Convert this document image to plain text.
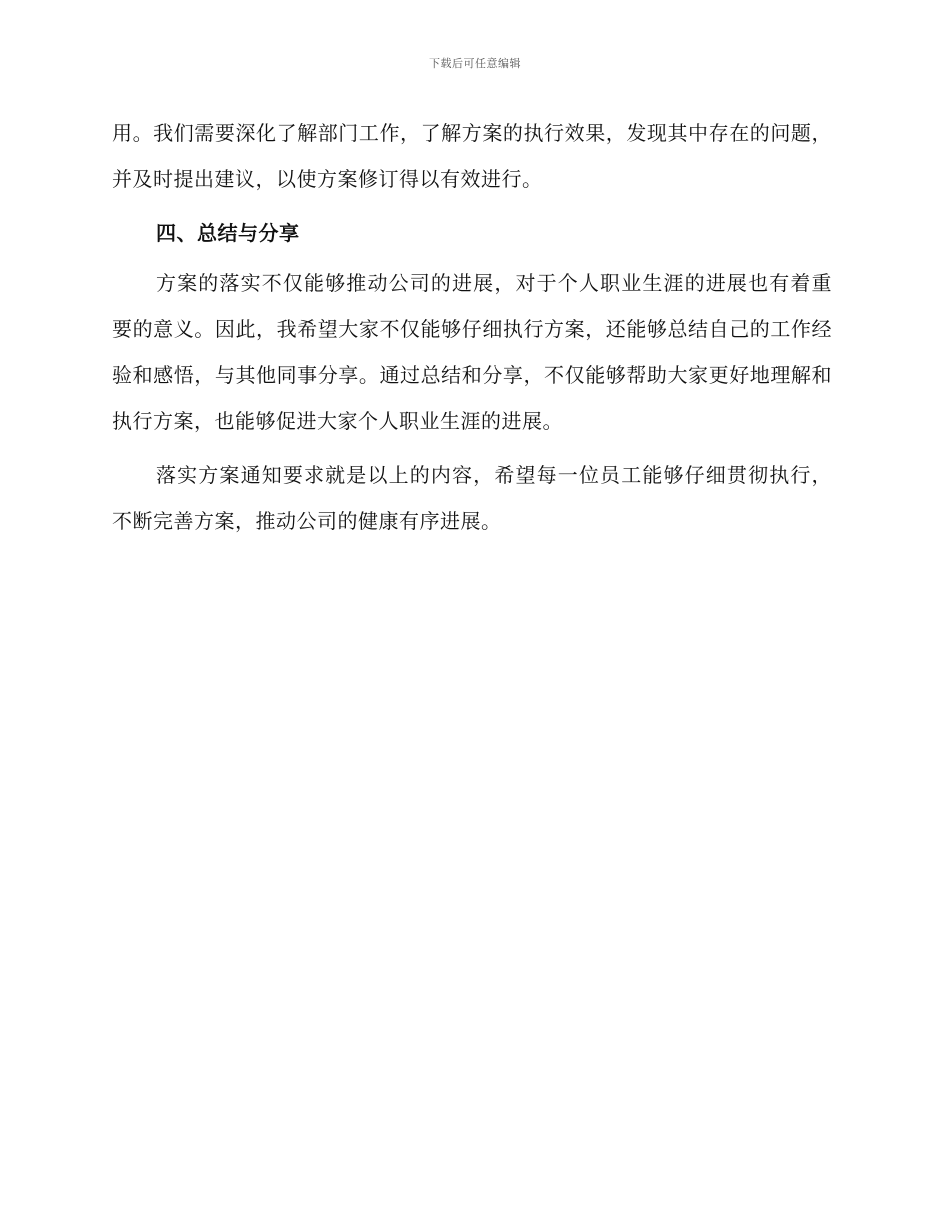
下载后可任意编辑

用。我们需要深化了解部门工作，了解方案的执行效果，发现其中存在的问题，并及时提出建议，以使方案修订得以有效进行。

四、总结与分享

方案的落实不仅能够推动公司的进展，对于个人职业生涯的进展也有着重要的意义。因此，我希望大家不仅能够仔细执行方案，还能够总结自己的工作经验和感悟，与其他同事分享。通过总结和分享，不仅能够帮助大家更好地理解和执行方案，也能够促进大家个人职业生涯的进展。

落实方案通知要求就是以上的内容，希望每一位员工能够仔细贯彻执行，不断完善方案，推动公司的健康有序进展。
